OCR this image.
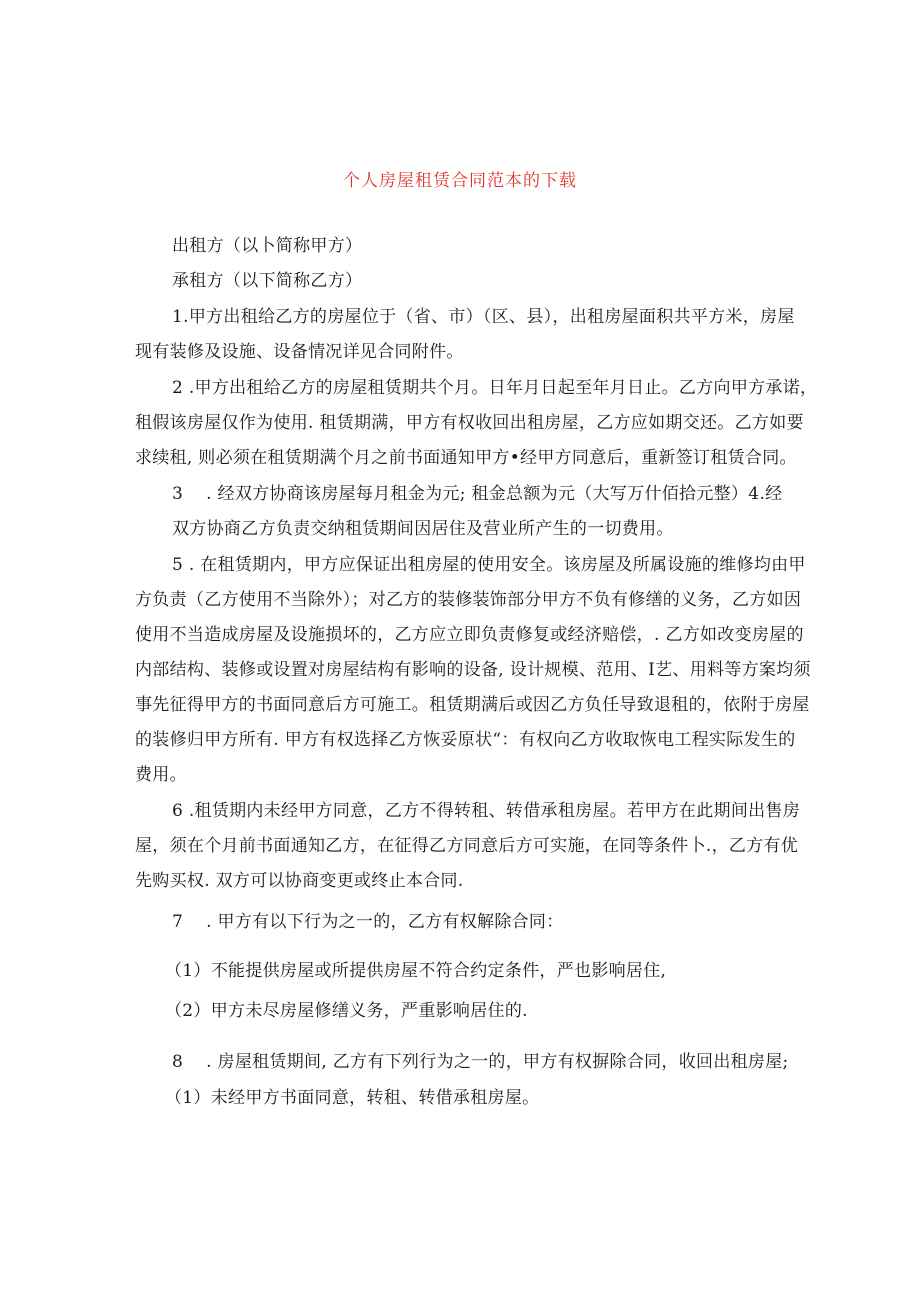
个人房屋租赁合同范本的下载
出租方（以卜简称甲方）
承租方（以下简称乙方）
1.甲方出租给乙方的房屋位于（省、市）（区、县），出租房屋面积共平方米，房屋
现有装修及设施、设备情况详见合同附件。
2 .甲方出租给乙方的房屋租赁期共个月。日年月日起至年月日止。乙方向甲方承诺，
租假该房屋仅作为使用. 租赁期满，甲方有权收回出租房屋，乙方应如期交还。乙方如要
求续租, 则必须在租赁期满个月之前书面通知甲方•经甲方同意后，重新签订租赁合同。
3　 . 经双方协商该房屋每月租金为元; 租金总额为元（大写万什佰拾元整）4.经
双方协商乙方负责交纳租赁期间因居住及营业所产生的一切费用。
5 . 在租赁期内，甲方应保证出租房屋的使用安全。该房屋及所属设施的维修均由甲
方负责（乙方使用不当除外）；对乙方的装修装饰部分甲方不负有修缮的义务，乙方如因
使用不当造成房屋及设施损坏的，乙方应立即负责修复或经济赔偿，. 乙方如改变房屋的
内部结构、装修或设置对房屋结构有影响的设备, 设计规模、范用、I艺、用料等方案均须
事先征得甲方的书面同意后方可施工。租赁期满后或因乙方负任导致退租的，依附于房屋
的装修归甲方所有. 甲方有权选择乙方恢妥原状“：有权向乙方收取恢电工程实际发生的
费用。
6 .租赁期内未经甲方同意，乙方不得转租、转借承租房屋。若甲方在此期间出售房
屋，须在个月前书面通知乙方，在征得乙方同意后方可实施，在同等条件卜.，乙方有优
先购买权. 双方可以协商变更或终止本合同.
7　 . 甲方有以下行为之一的，乙方有权解除合同：
（1）不能提供房屋或所提供房屋不符合约定条件，严也影响居住,
（2）甲方未尽房屋修缮义务，严重影响居住的.
8　 . 房屋租赁期间, 乙方有下列行为之一的，甲方有权摒除合同，收回出租房屋;
（1）未经甲方书面同意，转租、转借承租房屋。
